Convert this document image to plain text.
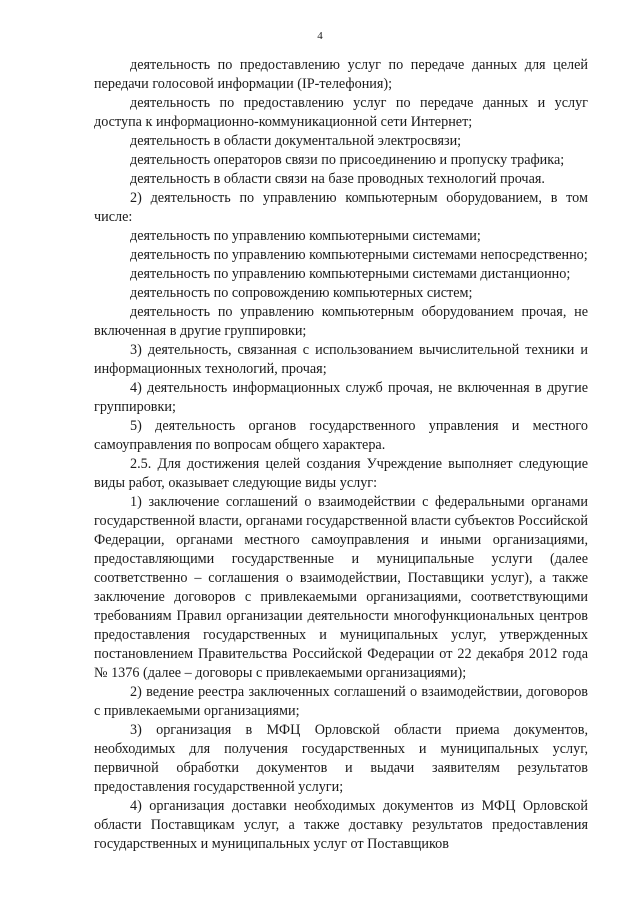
4

деятельность по предоставлению услуг по передаче данных для целей передачи голосовой информации (IP-телефония);

деятельность по предоставлению услуг по передаче данных и услуг доступа к информационно-коммуникационной сети Интернет;

деятельность в области документальной электросвязи;

деятельность операторов связи по присоединению и пропуску трафика;

деятельность в области связи на базе проводных технологий прочая.

2) деятельность по управлению компьютерным оборудованием, в том числе:

деятельность по управлению компьютерными системами;

деятельность по управлению компьютерными системами непосредственно;

деятельность по управлению компьютерными системами дистанционно;

деятельность по сопровождению компьютерных систем;

деятельность по управлению компьютерным оборудованием прочая, не включенная в другие группировки;

3) деятельность, связанная с использованием вычислительной техники и информационных технологий, прочая;

4) деятельность информационных служб прочая, не включенная в другие группировки;

5) деятельность органов государственного управления и местного самоуправления по вопросам общего характера.

2.5. Для достижения целей создания Учреждение выполняет следующие виды работ, оказывает следующие виды услуг:

1) заключение соглашений о взаимодействии с федеральными органами государственной власти, органами государственной власти субъектов Российской Федерации, органами местного самоуправления и иными организациями, предоставляющими государственные и муниципальные услуги (далее соответственно – соглашения о взаимодействии, Поставщики услуг), а также заключение договоров с привлекаемыми организациями, соответствующими требованиям Правил организации деятельности многофункциональных центров предоставления государственных и муниципальных услуг, утвержденных постановлением Правительства Российской Федерации от 22 декабря 2012 года № 1376 (далее – договоры с привлекаемыми организациями);

2) ведение реестра заключенных соглашений о взаимодействии, договоров с привлекаемыми организациями;

3) организация в МФЦ Орловской области приема документов, необходимых для получения государственных и муниципальных услуг, первичной обработки документов и выдачи заявителям результатов предоставления государственной услуги;

4) организация доставки необходимых документов из МФЦ Орловской области Поставщикам услуг, а также доставку результатов предоставления государственных и муниципальных услуг от Поставщиков
